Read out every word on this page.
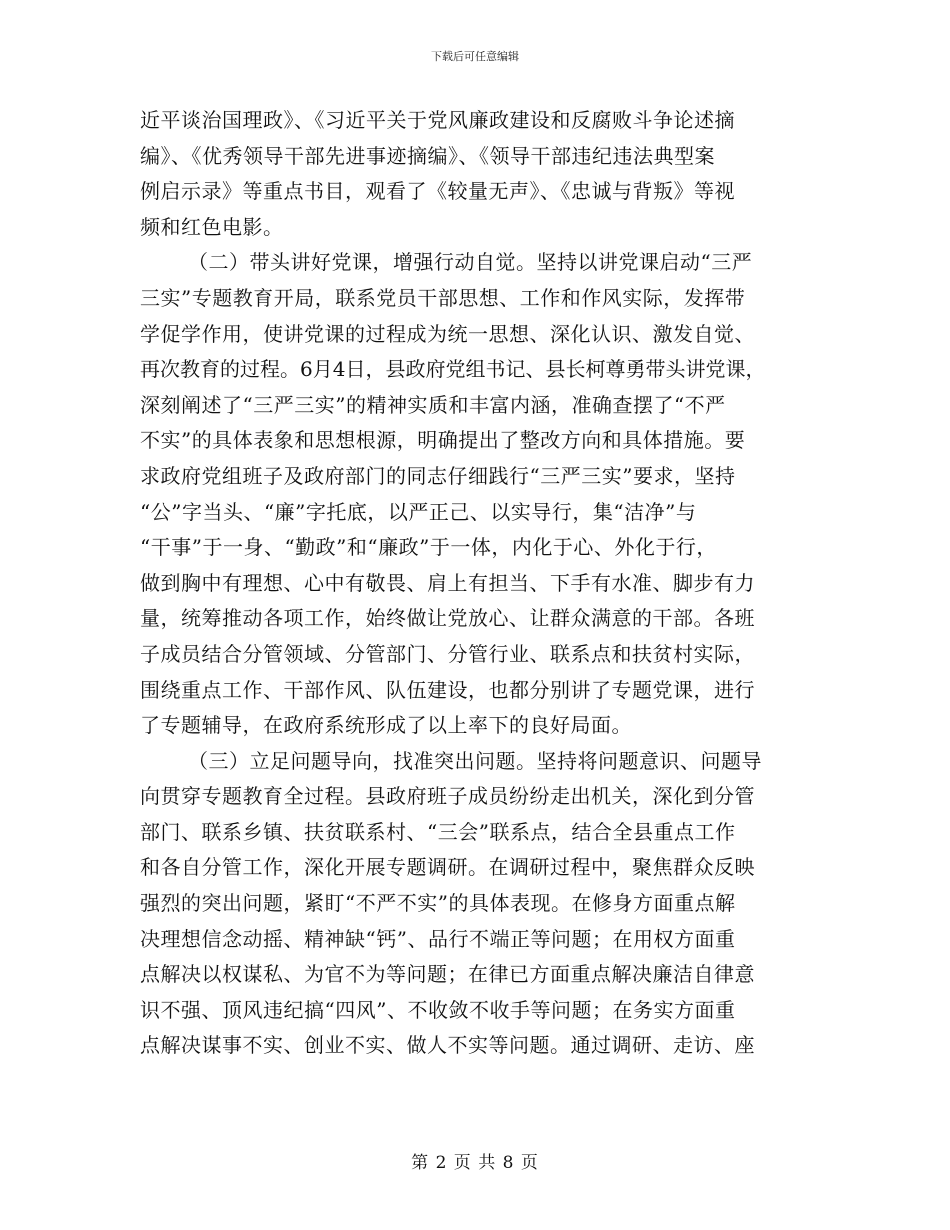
下载后可任意编辑

近平谈治国理政》、《习近平关于党风廉政建设和反腐败斗争论述摘
编》、《优秀领导干部先进事迹摘编》、《领导干部违纪违法典型案
例启示录》等重点书目，观看了《较量无声》、《忠诚与背叛》等视
频和红色电影。

（二）带头讲好党课，增强行动自觉。坚持以讲党课启动“三严
三实”专题教育开局，联系党员干部思想、工作和作风实际，发挥带
学促学作用，使讲党课的过程成为统一思想、深化认识、激发自觉、
再次教育的过程。6月4日，县政府党组书记、县长柯尊勇带头讲党课，
深刻阐述了“三严三实”的精神实质和丰富内涵，准确查摆了“不严
不实”的具体表象和思想根源，明确提出了整改方向和具体措施。要
求政府党组班子及政府部门的同志仔细践行“三严三实”要求，坚持
“公”字当头、“廉”字托底，以严正己、以实导行，集“洁净”与
“干事”于一身、“勤政”和“廉政”于一体，内化于心、外化于行，
做到胸中有理想、心中有敬畏、肩上有担当、下手有水准、脚步有力
量，统筹推动各项工作，始终做让党放心、让群众满意的干部。各班
子成员结合分管领域、分管部门、分管行业、联系点和扶贫村实际，
围绕重点工作、干部作风、队伍建设，也都分别讲了专题党课，进行
了专题辅导，在政府系统形成了以上率下的良好局面。

（三）立足问题导向，找准突出问题。坚持将问题意识、问题导
向贯穿专题教育全过程。县政府班子成员纷纷走出机关，深化到分管
部门、联系乡镇、扶贫联系村、“三会”联系点，结合全县重点工作
和各自分管工作，深化开展专题调研。在调研过程中，聚焦群众反映
强烈的突出问题，紧盯“不严不实”的具体表现。在修身方面重点解
决理想信念动摇、精神缺“钙”、品行不端正等问题；在用权方面重
点解决以权谋私、为官不为等问题；在律已方面重点解决廉洁自律意
识不强、顶风违纪搞“四风”、不收敛不收手等问题；在务实方面重
点解决谋事不实、创业不实、做人不实等问题。通过调研、走访、座

第 2 页 共 8 页
